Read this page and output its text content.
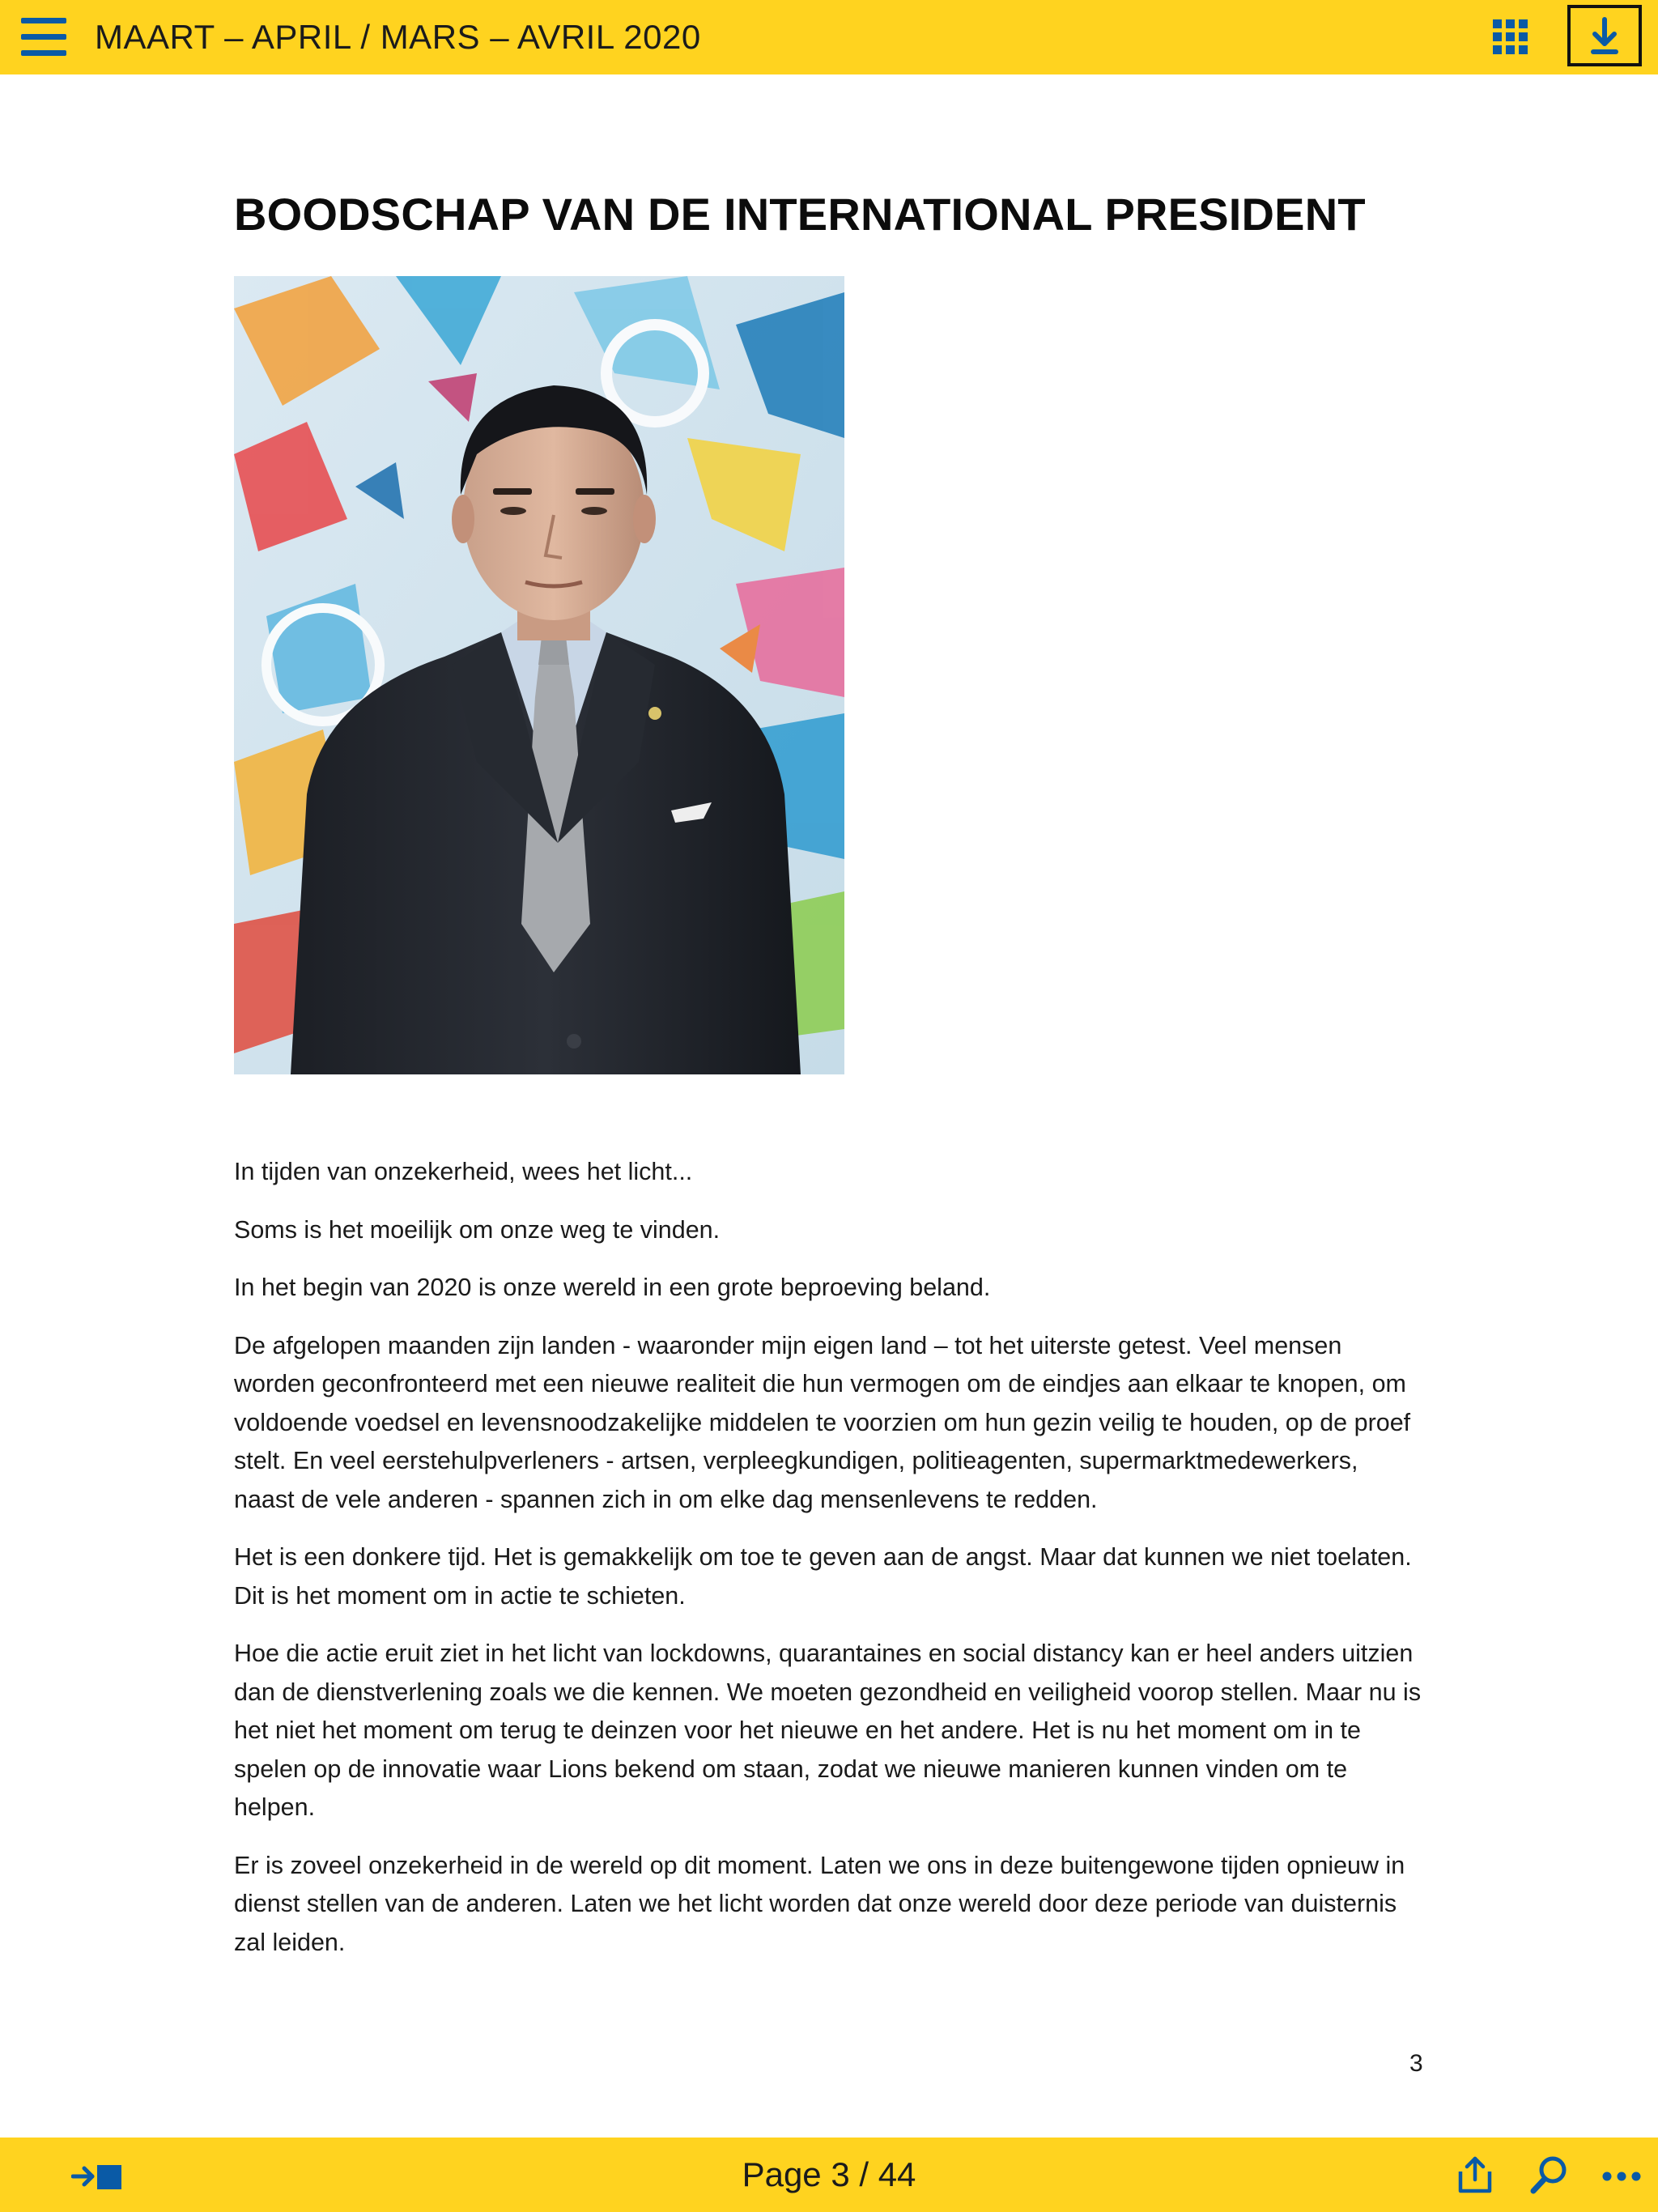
MAART – APRIL / MARS – AVRIL 2020
BOODSCHAP VAN DE INTERNATIONAL PRESIDENT

In tijden van onzekerheid, wees het licht...

Soms is het moeilijk om onze weg te vinden.

In het begin van 2020 is onze wereld in een grote beproeving beland.

De afgelopen maanden zijn landen - waaronder mijn eigen land – tot het uiterste getest. Veel mensen worden geconfronteerd met een nieuwe realiteit die hun vermogen om de eindjes aan elkaar te knopen, om voldoende voedsel en levensnoodzakelijke middelen te voorzien om hun gezin veilig te houden, op de proef stelt. En veel eerstehulpverleners - artsen, verpleegkundigen, politieagenten, supermarktmedewerkers, naast de vele anderen - spannen zich in om elke dag mensenlevens te redden.

Het is een donkere tijd. Het is gemakkelijk om toe te geven aan de angst. Maar dat kunnen we niet toelaten. Dit is het moment om in actie te schieten.

Hoe die actie eruit ziet in het licht van lockdowns, quarantaines en social distancy kan er heel anders uitzien dan de dienstverlening zoals we die kennen. We moeten gezondheid en veiligheid voorop stellen. Maar nu is het niet het moment om terug te deinzen voor het nieuwe en het andere. Het is nu het moment om in te spelen op de innovatie waar Lions bekend om staan, zodat we nieuwe manieren kunnen vinden om te helpen.

Er is zoveel onzekerheid in de wereld op dit moment. Laten we ons in deze buitengewone tijden opnieuw in dienst stellen van de anderen. Laten we het licht worden dat onze wereld door deze periode van duisternis zal leiden.

3
Page 3 / 44
